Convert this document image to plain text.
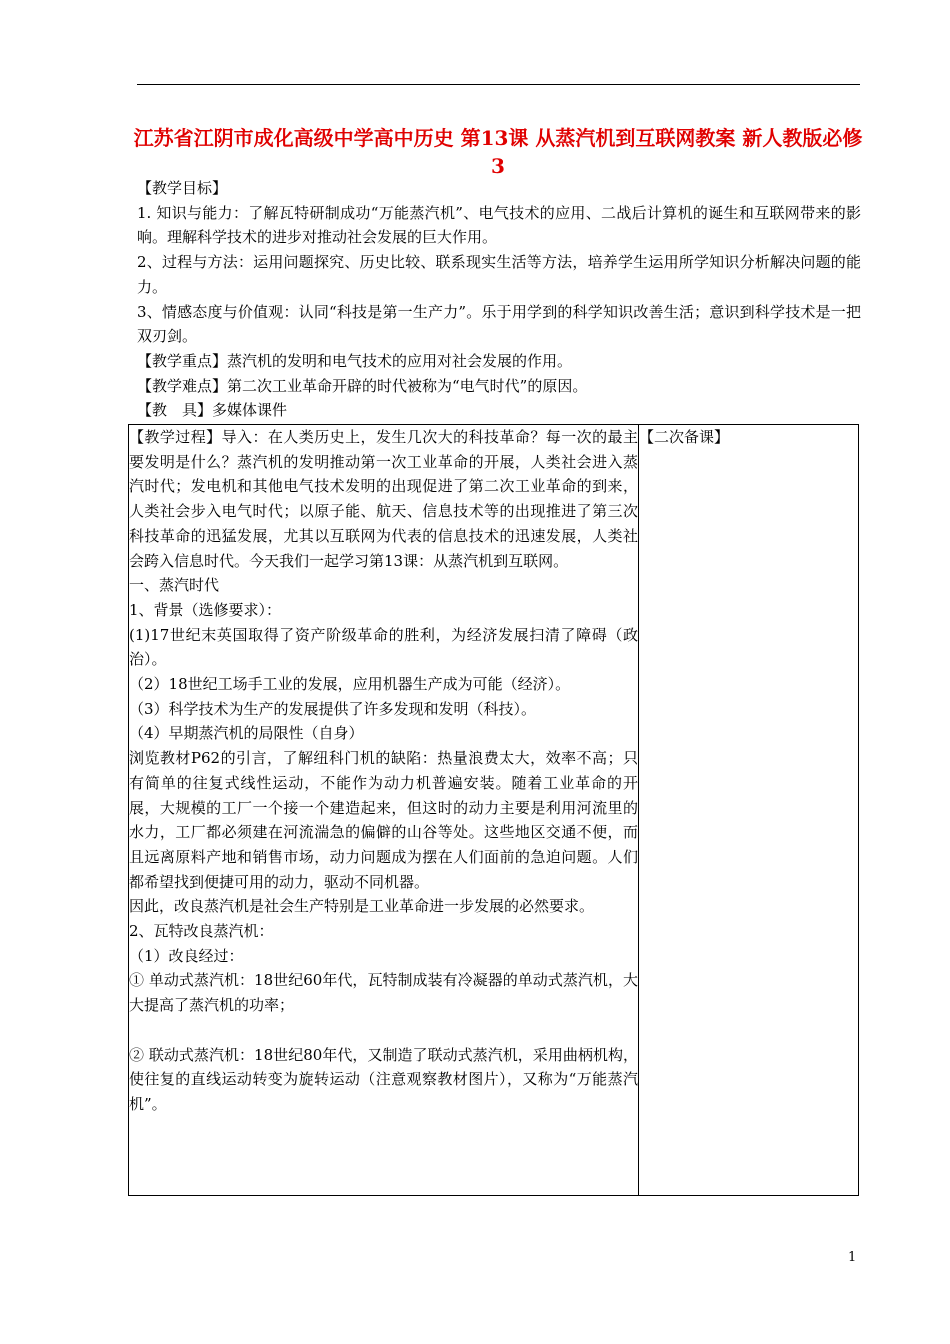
江苏省江阴市成化高级中学高中历史 第13课 从蒸汽机到互联网教案 新人教版必修3

【教学目标】

1. 知识与能力：了解瓦特研制成功“万能蒸汽机”、电气技术的应用、二战后计算机的诞生和互联网带来的影响。理解科学技术的进步对推动社会发展的巨大作用。

2、过程与方法：运用问题探究、历史比较、联系现实生活等方法，培养学生运用所学知识分析解决问题的能力。

3、情感态度与价值观：认同“科技是第一生产力”。乐于用学到的科学知识改善生活；意识到科学技术是一把双刃剑。

【教学重点】蒸汽机的发明和电气技术的应用对社会发展的作用。

【教学难点】第二次工业革命开辟的时代被称为“电气时代”的原因。

【教　具】多媒体课件

【教学过程】导入：在人类历史上，发生几次大的科技革命？每一次的最主要发明是什么？蒸汽机的发明推动第一次工业革命的开展，人类社会进入蒸汽时代；发电机和其他电气技术发明的出现促进了第二次工业革命的到来，人类社会步入电气时代；以原子能、航天、信息技术等的出现推进了第三次科技革命的迅猛发展，尤其以互联网为代表的信息技术的迅速发展，人类社会跨入信息时代。今天我们一起学习第13课：从蒸汽机到互联网。

一、蒸汽时代

1、背景（选修要求）：

(1)17世纪末英国取得了资产阶级革命的胜利，为经济发展扫清了障碍（政治）。

（2）18世纪工场手工业的发展，应用机器生产成为可能（经济）。

（3）科学技术为生产的发展提供了许多发现和发明（科技）。

（4）早期蒸汽机的局限性（自身）

浏览教材P62的引言，了解纽科门机的缺陷：热量浪费太大，效率不高；只有简单的往复式线性运动，不能作为动力机普遍安装。随着工业革命的开展，大规模的工厂一个接一个建造起来，但这时的动力主要是利用河流里的水力，工厂都必须建在河流湍急的偏僻的山谷等处。这些地区交通不便，而且远离原料产地和销售市场，动力问题成为摆在人们面前的急迫问题。人们都希望找到便捷可用的动力，驱动不同机器。

因此，改良蒸汽机是社会生产特别是工业革命进一步发展的必然要求。

2、瓦特改良蒸汽机：

（1）改良经过：

① 单动式蒸汽机：18世纪60年代，瓦特制成装有冷凝器的单动式蒸汽机，大大提高了蒸汽机的功率；

② 联动式蒸汽机：18世纪80年代，又制造了联动式蒸汽机，采用曲柄机构，使往复的直线运动转变为旋转运动（注意观察教材图片），又称为“万能蒸汽机”。

	【二次备课】
1
